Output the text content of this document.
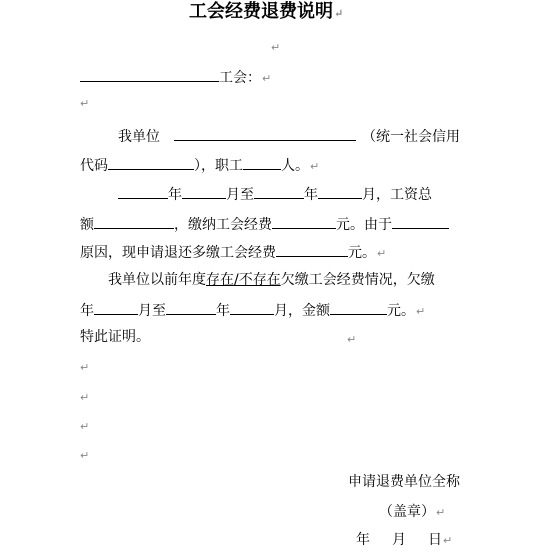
工会经费退费说明↵
↵
工会：↵
↵
我单位	（统一社会信用
代码	），职工	人。↵
年	月至	年	月，工资总
额	，缴纳工会经费	元。由于
原因，现申请退还多缴工会经费	元。↵
我单位以前年度存在/不存在欠缴工会经费情况，欠缴
年	月至	年	月，金额	元。↵
特此证明。	↵
↵
↵
↵
↵
申请退费单位全称
（盖章）↵
年 月 日↵
